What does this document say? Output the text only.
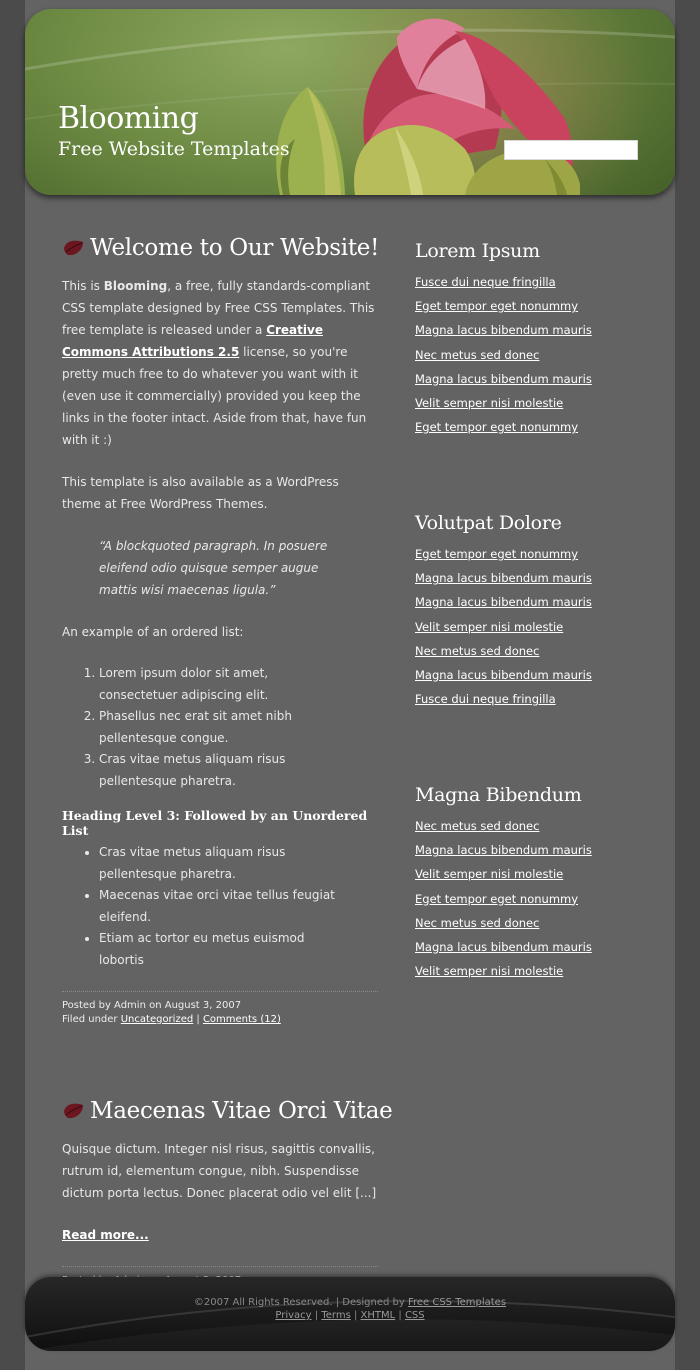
Blooming
Free Website Templates
Welcome to Our Website!

This is Blooming, a free, fully standards-compliant CSS template designed by Free CSS Templates. This free template is released under a Creative Commons Attributions 2.5 license, so you're pretty much free to do whatever you want with it (even use it commercially) provided you keep the links in the footer intact. Aside from that, have fun with it :)

This template is also available as a WordPress theme at Free WordPress Themes.

“A blockquoted paragraph. In posuere eleifend odio quisque semper augue mattis wisi maecenas ligula.”

An example of an ordered list:

1. Lorem ipsum dolor sit amet, consectetuer adipiscing elit.
2. Phasellus nec erat sit amet nibh pellentesque congue.
3. Cras vitae metus aliquam risus pellentesque pharetra.
Heading Level 3: Followed by an Unordered List
• Cras vitae metus aliquam risus pellentesque pharetra.
• Maecenas vitae orci vitae tellus feugiat eleifend.
• Etiam ac tortor eu metus euismod lobortis
Posted by Admin on August 3, 2007
Filed under Uncategorized | Comments (12)
Maecenas Vitae Orci Vitae

Quisque dictum. Integer nisl risus, sagittis convallis, rutrum id, elementum congue, nibh. Suspendisse dictum porta lectus. Donec placerat odio vel elit [...]

Read more...

Lorem Ipsum
Fusce dui neque fringilla
Eget tempor eget nonummy
Magna lacus bibendum mauris
Nec metus sed donec
Magna lacus bibendum mauris
Velit semper nisi molestie
Eget tempor eget nonummy
Volutpat Dolore
Eget tempor eget nonummy
Magna lacus bibendum mauris
Magna lacus bibendum mauris
Velit semper nisi molestie
Nec metus sed donec
Magna lacus bibendum mauris
Fusce dui neque fringilla
Magna Bibendum
Nec metus sed donec
Magna lacus bibendum mauris
Velit semper nisi molestie
Eget tempor eget nonummy
Nec metus sed donec
Magna lacus bibendum mauris
Velit semper nisi molestie
©2007 All Rights Reserved. | Designed by Free CSS Templates
Privacy | Terms | XHTML | CSS
